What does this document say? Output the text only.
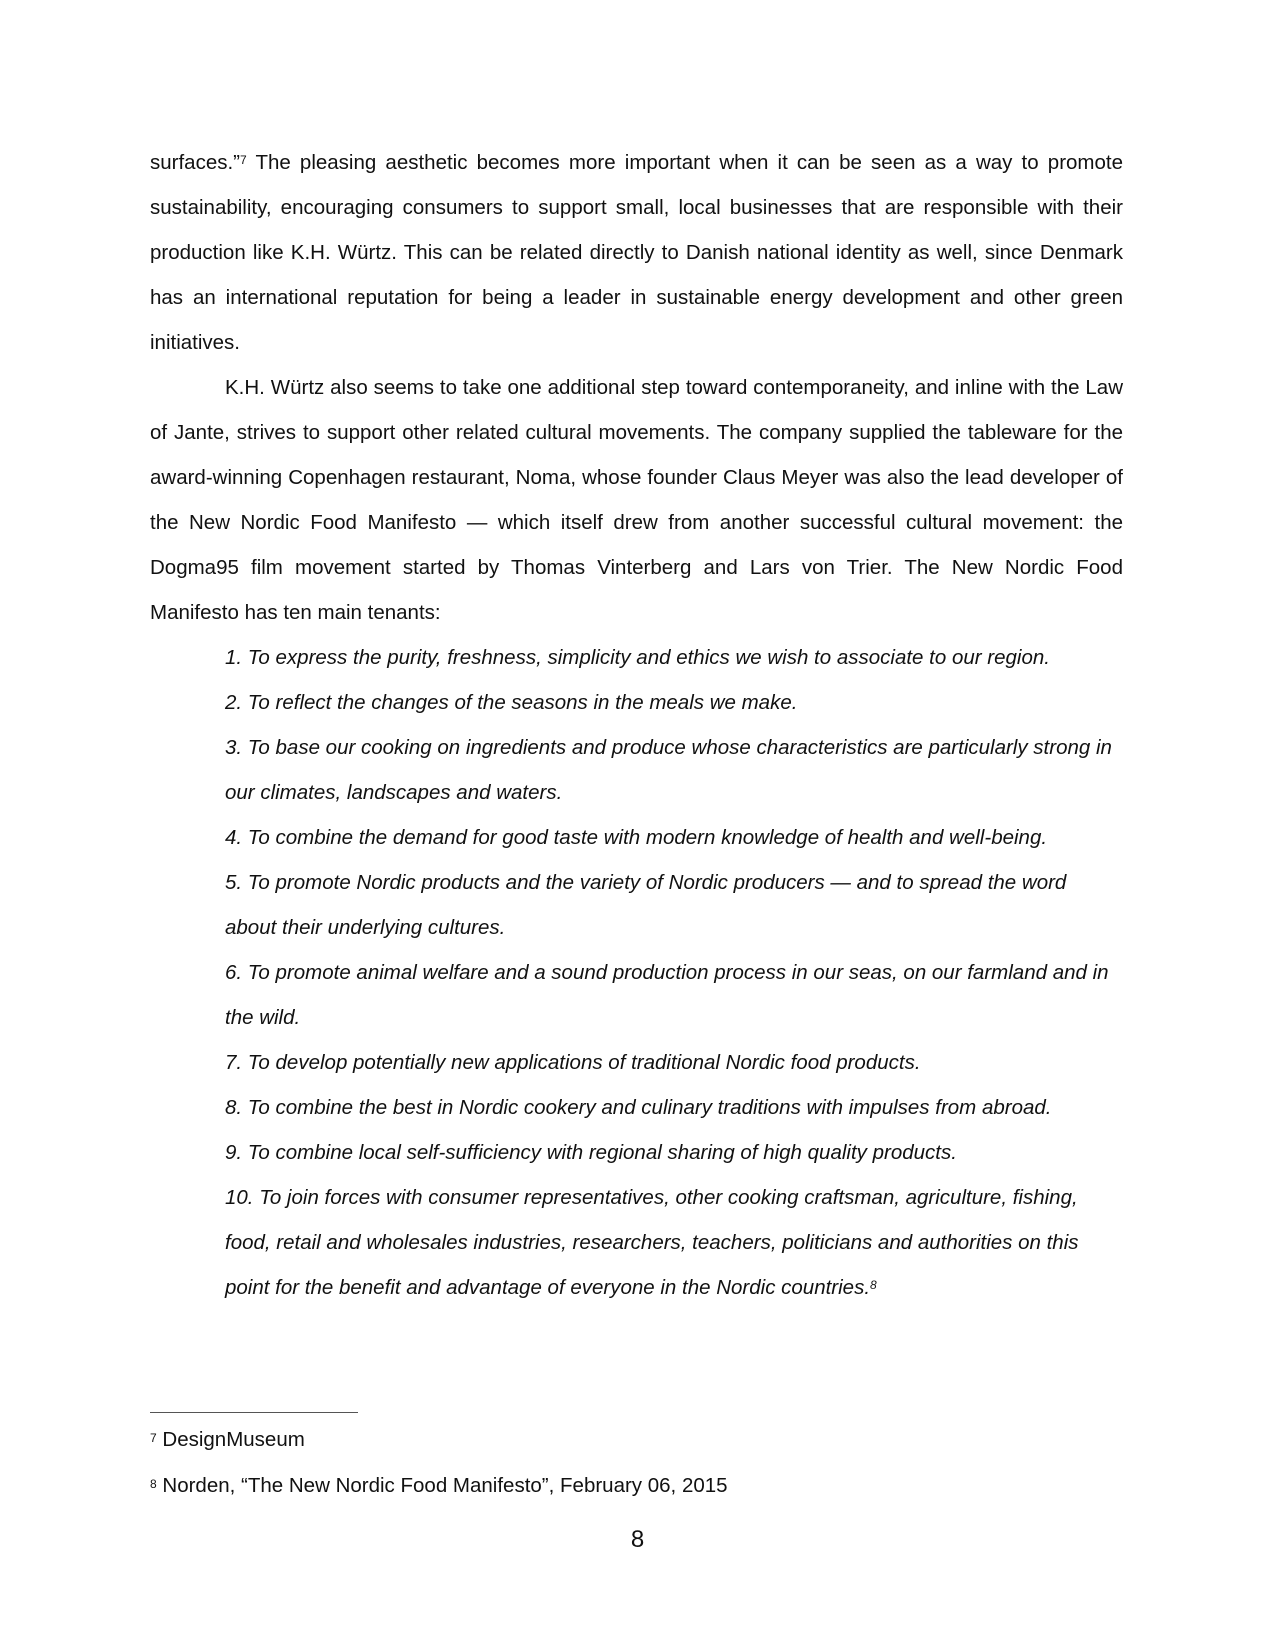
surfaces.”$^7$ The pleasing aesthetic becomes more important when it can be seen as a way to promote sustainability, encouraging consumers to support small, local businesses that are responsible with their production like K.H. Würtz. This can be related directly to Danish national identity as well, since Denmark has an international reputation for being a leader in sustainable energy development and other green initiatives.

K.H. Würtz also seems to take one additional step toward contemporaneity, and inline with the Law of Jante, strives to support other related cultural movements. The company supplied the tableware for the award-winning Copenhagen restaurant, Noma, whose founder Claus Meyer was also the lead developer of the New Nordic Food Manifesto — which itself drew from another successful cultural movement: the Dogma95 film movement started by Thomas Vinterberg and Lars von Trier. The New Nordic Food Manifesto has ten main tenants:

1. To express the purity, freshness, simplicity and ethics we wish to associate to our region.
2. To reflect the changes of the seasons in the meals we make.
3. To base our cooking on ingredients and produce whose characteristics are particularly strong in our climates, landscapes and waters.
4. To combine the demand for good taste with modern knowledge of health and well-being.
5. To promote Nordic products and the variety of Nordic producers — and to spread the word about their underlying cultures.
6. To promote animal welfare and a sound production process in our seas, on our farmland and in the wild.
7. To develop potentially new applications of traditional Nordic food products.
8. To combine the best in Nordic cookery and culinary traditions with impulses from abroad.
9. To combine local self-sufficiency with regional sharing of high quality products.
10. To join forces with consumer representatives, other cooking craftsman, agriculture, fishing, food, retail and wholesales industries, researchers, teachers, politicians and authorities on this point for the benefit and advantage of everyone in the Nordic countries.$^8$

$^7$ DesignMuseum

$^8$ Norden, “The New Nordic Food Manifesto”, February 06, 2015

8
